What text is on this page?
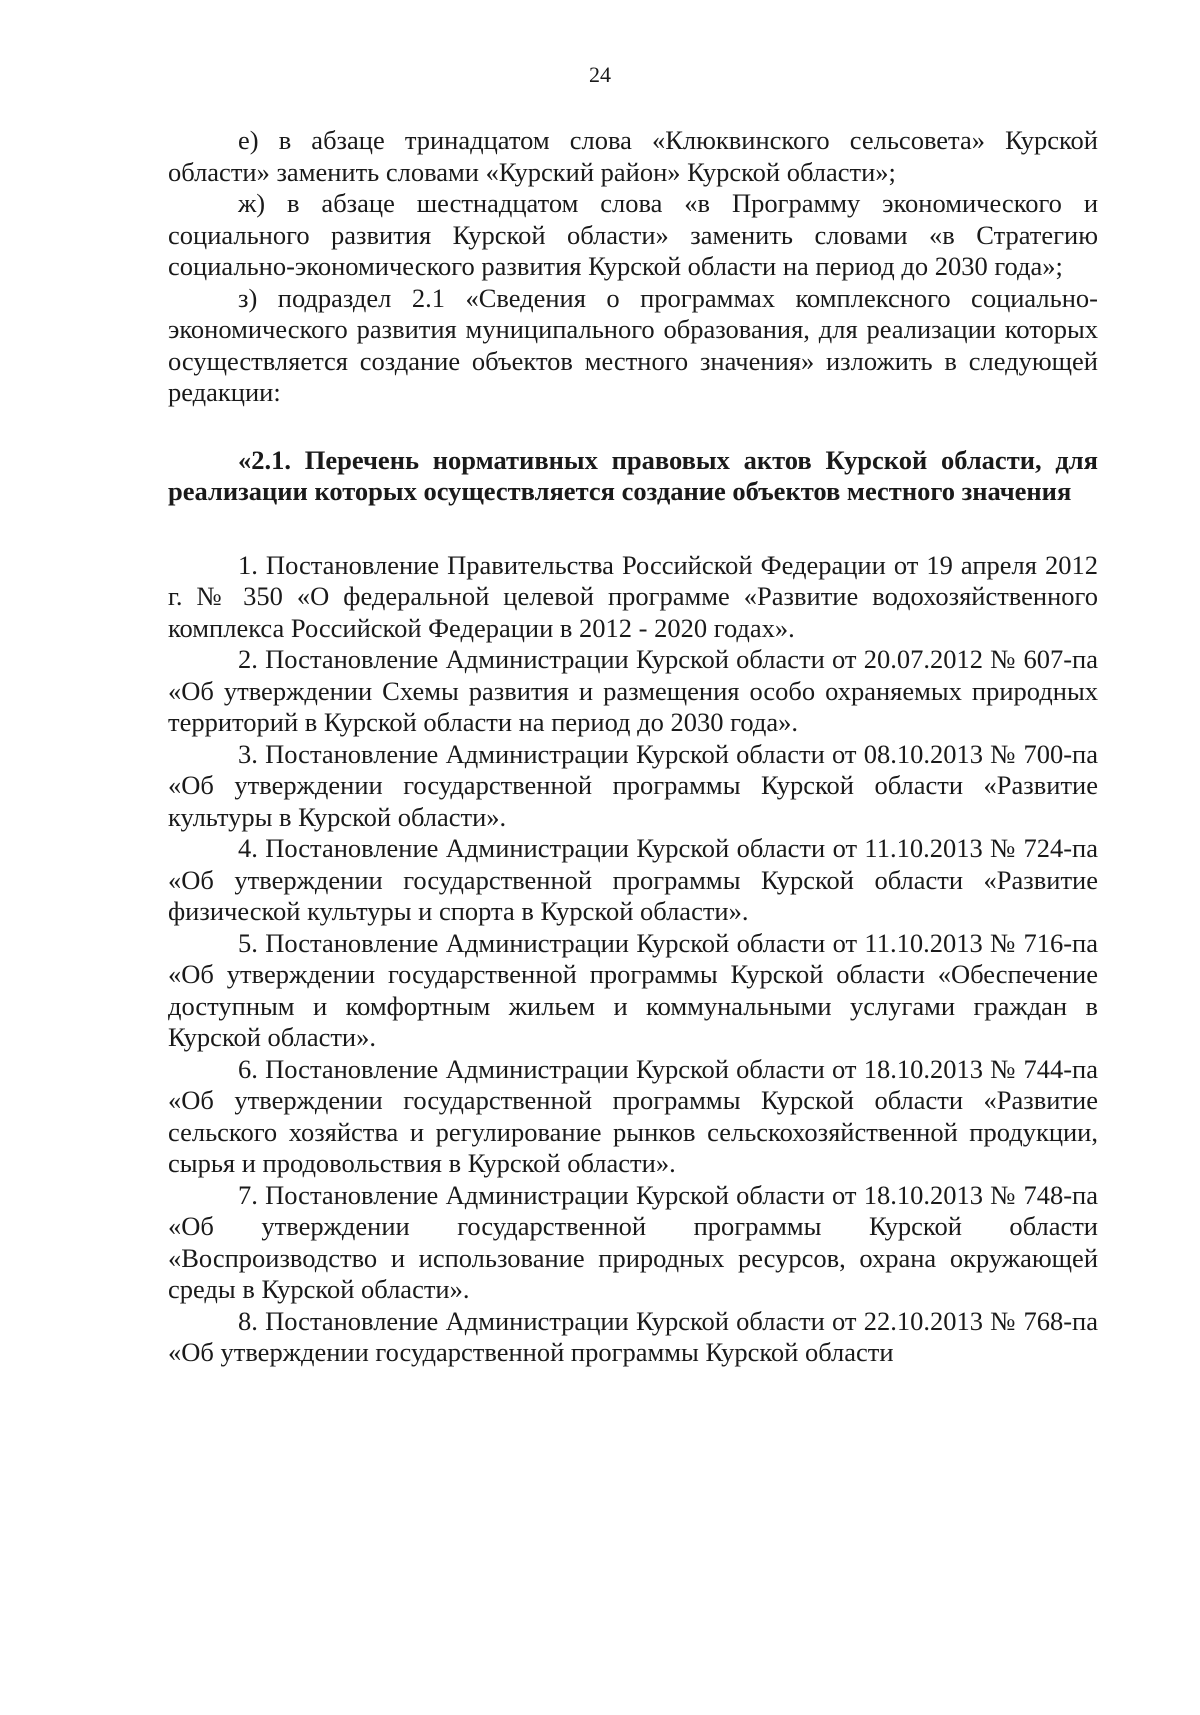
24

е) в абзаце тринадцатом слова «Клюквинского сельсовета» Курской области» заменить словами «Курский район» Курской области»;

ж) в абзаце шестнадцатом слова «в Программу экономического и социального развития Курской области» заменить словами «в Стратегию социально-экономического развития Курской области на период до 2030 года»;

з) подраздел 2.1 «Сведения о программах комплексного социально-экономического развития муниципального образования, для реализации которых осуществляется создание объектов местного значения» изложить в следующей редакции:

«2.1. Перечень нормативных правовых актов Курской области, для реализации которых осуществляется создание объектов местного значения

1. Постановление Правительства Российской Федерации от 19 апреля 2012 г. № 350 «О федеральной целевой программе «Развитие водохозяйственного комплекса Российской Федерации в 2012 - 2020 годах».

2. Постановление Администрации Курской области от 20.07.2012 № 607-па «Об утверждении Схемы развития и размещения особо охраняемых природных территорий в Курской области на период до 2030 года».

3. Постановление Администрации Курской области от 08.10.2013 № 700-па «Об утверждении государственной программы Курской области «Развитие культуры в Курской области».

4. Постановление Администрации Курской области от 11.10.2013 № 724-па «Об утверждении государственной программы Курской области «Развитие физической культуры и спорта в Курской области».

5. Постановление Администрации Курской области от 11.10.2013 № 716-па «Об утверждении государственной программы Курской области «Обеспечение доступным и комфортным жильем и коммунальными услугами граждан в Курской области».

6. Постановление Администрации Курской области от 18.10.2013 № 744-па «Об утверждении государственной программы Курской области «Развитие сельского хозяйства и регулирование рынков сельскохозяйственной продукции, сырья и продовольствия в Курской области».

7. Постановление Администрации Курской области от 18.10.2013 № 748-па «Об утверждении государственной программы Курской области «Воспроизводство и использование природных ресурсов, охрана окружающей среды в Курской области».

8. Постановление Администрации Курской области от 22.10.2013 № 768-па «Об утверждении государственной программы Курской области
